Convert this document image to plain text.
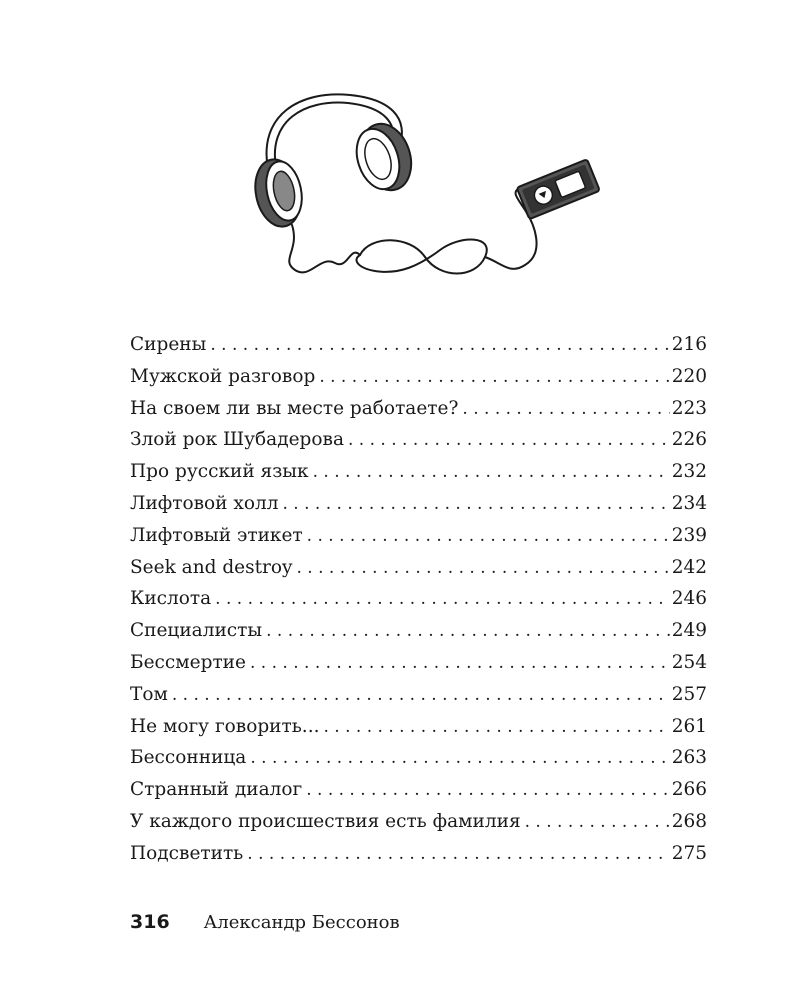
Сирены . . .	216
Мужской разговор . . .	220
На своем ли вы месте работаете? . . .	223
Злой рок Шубадерова . . .	226
Про русский язык . . .	232
Лифтовой холл . . .	234
Лифтовый этикет . . .	239
Seek and destroy . . .	242
Кислота . . .	246
Специалисты . . .	249
Бессмертие . . .	254
Том . . .	257
Не могу говорить... . . .	261
Бессонница . . .	263
Странный диалог . . .	266
У каждого происшествия есть фамилия . . .	268
Подсветить . . .	275
316 Александр Бессонов
